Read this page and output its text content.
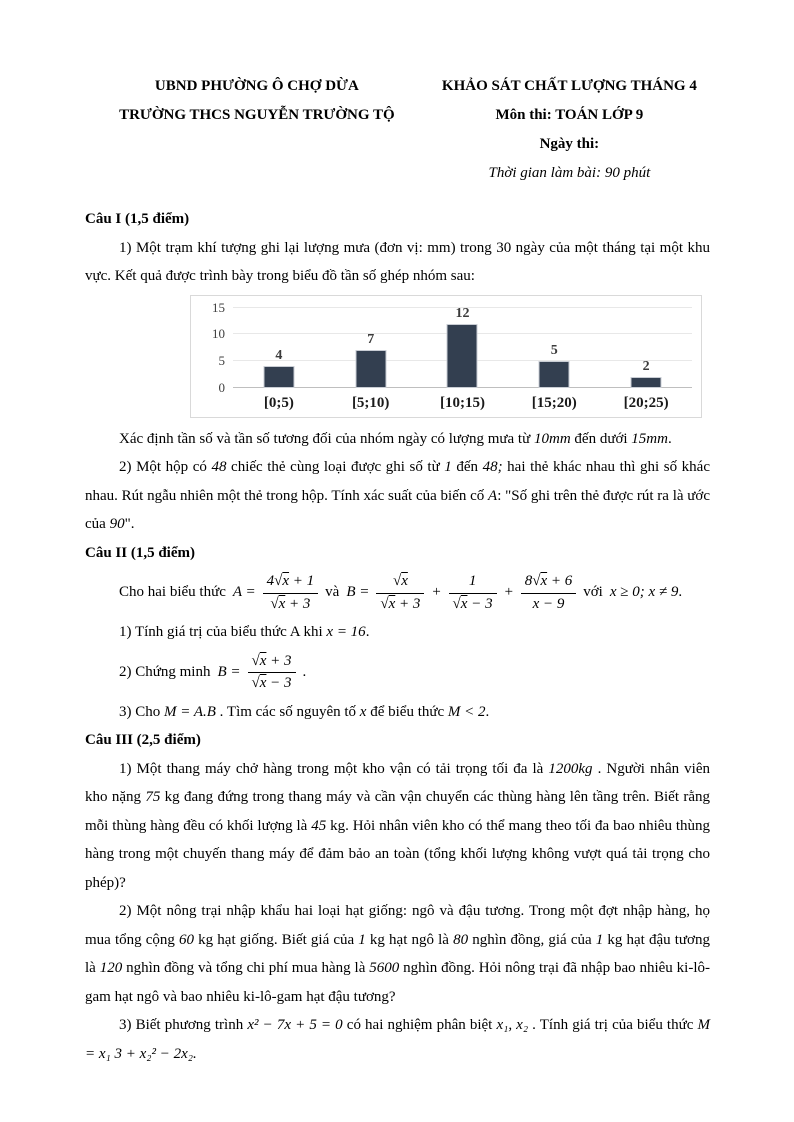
UBND PHƯỜNG Ô CHỢ DỪA
TRƯỜNG THCS NGUYỄN TRƯỜNG TỘ
KHẢO SÁT CHẤT LƯỢNG THÁNG 4
Môn thi: TOÁN LỚP 9
Ngày thi:
Thời gian làm bài: 90 phút
Câu I (1,5 điểm)

1) Một trạm khí tượng ghi lại lượng mưa (đơn vị: mm) trong 30 ngày của một tháng tại một khu vực. Kết quả được trình bày trong biểu đồ tần số ghép nhóm sau:

0
5
10
15
4
7
12
5
2
[0;5)	[5;10)	[10;15)	[15;20)	[20;25)

Xác định tần số và tần số tương đối của nhóm ngày có lượng mưa từ 10mm đến dưới 15mm.

2) Một hộp có 48 chiếc thẻ cùng loại được ghi số từ 1 đến 48; hai thẻ khác nhau thì ghi số khác nhau. Rút ngẫu nhiên một thẻ trong hộp. Tính xác suất của biến cố A: "Số ghi trên thẻ được rút ra là ước của 90".

Câu II (1,5 điểm)
Cho hai biểu thức $A = \frac{4√x + 1}{√x + 3}$ và $B = \frac{√x}{√x + 3} + \frac{1}{√x - 3} + \frac{8√x + 6}{x - 9}$ với x ≥ 0; x ≠ 9.

1) Tính giá trị của biểu thức A khi x = 16.

2) Chứng minh $B = \frac{√x + 3}{√x - 3}$ .

3) Cho M = A.B . Tìm các số nguyên tố x để biểu thức M < 2.

Câu III (2,5 điểm)

1) Một thang máy chở hàng trong một kho vận có tải trọng tối đa là 1200kg . Người nhân viên kho nặng 75 kg đang đứng trong thang máy và cần vận chuyển các thùng hàng lên tầng trên. Biết rằng mỗi thùng hàng đều có khối lượng là 45 kg. Hỏi nhân viên kho có thể mang theo tối đa bao nhiêu thùng hàng trong một chuyến thang máy để đảm bảo an toàn (tổng khối lượng không vượt quá tải trọng cho phép)?

2) Một nông trại nhập khẩu hai loại hạt giống: ngô và đậu tương. Trong một đợt nhập hàng, họ mua tổng cộng 60 kg hạt giống. Biết giá của 1 kg hạt ngô là 80 nghìn đồng, giá của 1 kg hạt đậu tương là 120 nghìn đồng và tổng chi phí mua hàng là 5600 nghìn đồng. Hỏi nông trại đã nhập bao nhiêu ki-lô-gam hạt ngô và bao nhiêu ki-lô-gam hạt đậu tương?

3) Biết phương trình x² − 7x + 5 = 0 có hai nghiệm phân biệt x₁, x₂ . Tính giá trị của biểu thức M = x₁ 3 + x₂² − 2x₂.
